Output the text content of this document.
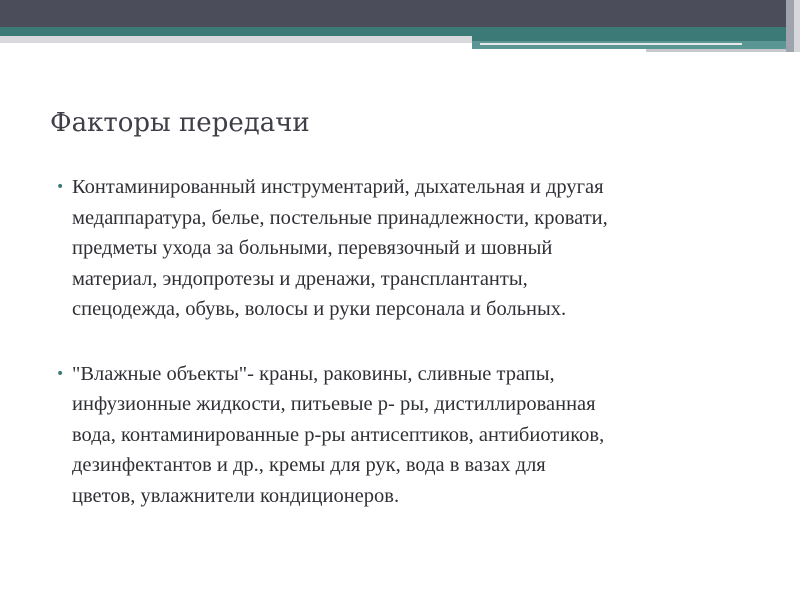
Факторы передачи
• Контаминированный инструментарий, дыхательная и другая
медаппаратура, белье, постельные принадлежности, кровати,
предметы ухода за больными, перевязочный и шовный
материал, эндопротезы и дренажи, трансплантанты,
спецодежда, обувь, волосы и руки персонала и больных.
• "Влажные объекты"- краны, раковины, сливные трапы,
инфузионные жидкости, питьевые р- ры, дистиллированная
вода, контаминированные р-ры антисептиков, антибиотиков,
дезинфектантов и др., кремы для рук, вода в вазах для
цветов, увлажнители кондиционеров.
